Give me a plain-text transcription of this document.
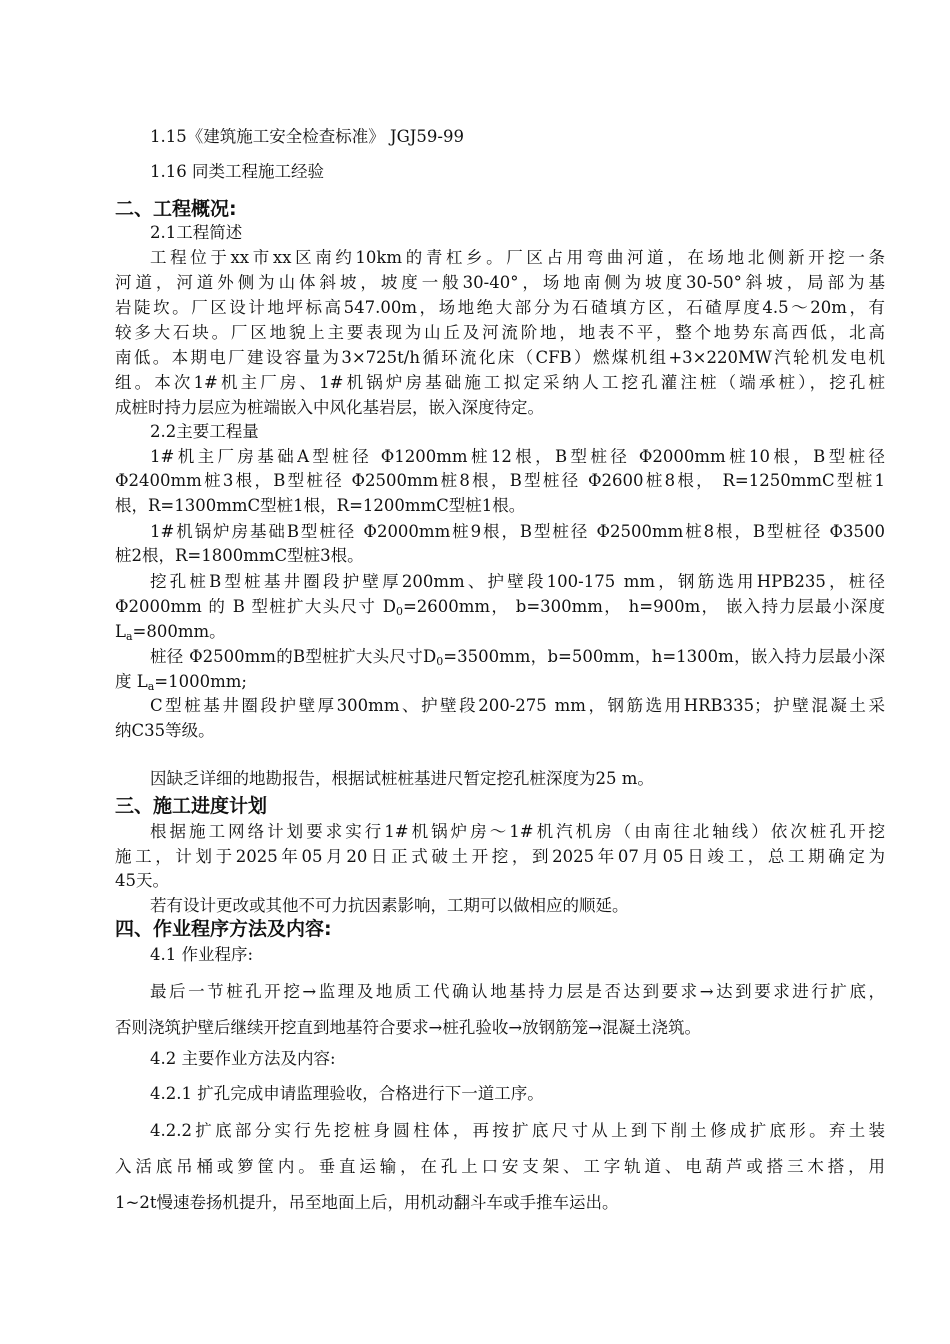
1.15《建筑施工安全检查标准》 JGJ59-99
1.16 同类工程施工经验
二、工程概况:
2.1工程简述
工程位于xx市xx区南约10km的青杠乡。厂区占用弯曲河道，在场地北侧新开挖一条
河道，河道外侧为山体斜坡，坡度一般30-40°，场地南侧为坡度30-50°斜坡，局部为基
岩陡坎。厂区设计地坪标高547.00m，场地绝大部分为石碴填方区，石碴厚度4.5～20m，有
较多大石块。厂区地貌上主要表现为山丘及河流阶地，地表不平，整个地势东高西低，北高
南低。本期电厂建设容量为3×725t/h循环流化床（CFB）燃煤机组+3×220MW汽轮机发电机
组。本次1#机主厂房、1#机锅炉房基础施工拟定采纳人工挖孔灌注桩（端承桩），挖孔桩
成桩时持力层应为桩端嵌入中风化基岩层，嵌入深度待定。
2.2主要工程量
1#机主厂房基础A型桩径 Φ1200mm桩12根，B型桩径 Φ2000mm桩10根，B型桩径
Φ2400mm桩3根，B型桩径 Φ2500mm桩8根，B型桩径 Φ2600桩8根， R=1250mmC型桩1
根，R=1300mmC型桩1根，R=1200mmC型桩1根。
1#机锅炉房基础B型桩径 Φ2000mm桩9根，B型桩径 Φ2500mm桩8根，B型桩径 Φ3500
桩2根，R=1800mmC型桩3根。
挖孔桩B型桩基井圈段护壁厚200mm、护壁段100-175 mm，钢筋选用HPB235，桩径
Φ2000mm 的 B 型桩扩大头尺寸 $D_0=2600mm$， b=300mm， h=900m， 嵌入持力层最小深度
$L_a=800mm$。
桩径 Φ2500mm的B型桩扩大头尺寸$D_0=3500mm$，b=500mm，h=1300m，嵌入持力层最小深
度 $L_a=1000mm$;
C型桩基井圈段护壁厚300mm、护壁段200-275 mm，钢筋选用HRB335；护壁混凝土采
纳C35等级。
因缺乏详细的地勘报告，根据试桩桩基进尺暂定挖孔桩深度为25 m。
三、施工进度计划
根据施工网络计划要求实行1#机锅炉房～1#机汽机房（由南往北轴线）依次桩孔开挖
施工，计划于2025年05月20日正式破土开挖，到2025年07月05日竣工，总工期确定为
45天。
若有设计更改或其他不可力抗因素影响，工期可以做相应的顺延。
四、作业程序方法及内容:
4.1 作业程序:
最后一节桩孔开挖→监理及地质工代确认地基持力层是否达到要求→达到要求进行扩底，
否则浇筑护壁后继续开挖直到地基符合要求→桩孔验收→放钢筋笼→混凝土浇筑。
4.2 主要作业方法及内容:
4.2.1 扩孔完成申请监理验收，合格进行下一道工序。
4.2.2扩底部分实行先挖桩身圆柱体，再按扩底尺寸从上到下削土修成扩底形。弃土装
入活底吊桶或箩筐内。垂直运输，在孔上口安支架、工字轨道、电葫芦或搭三木搭，用
1~2t慢速卷扬机提升，吊至地面上后，用机动翻斗车或手推车运出。
